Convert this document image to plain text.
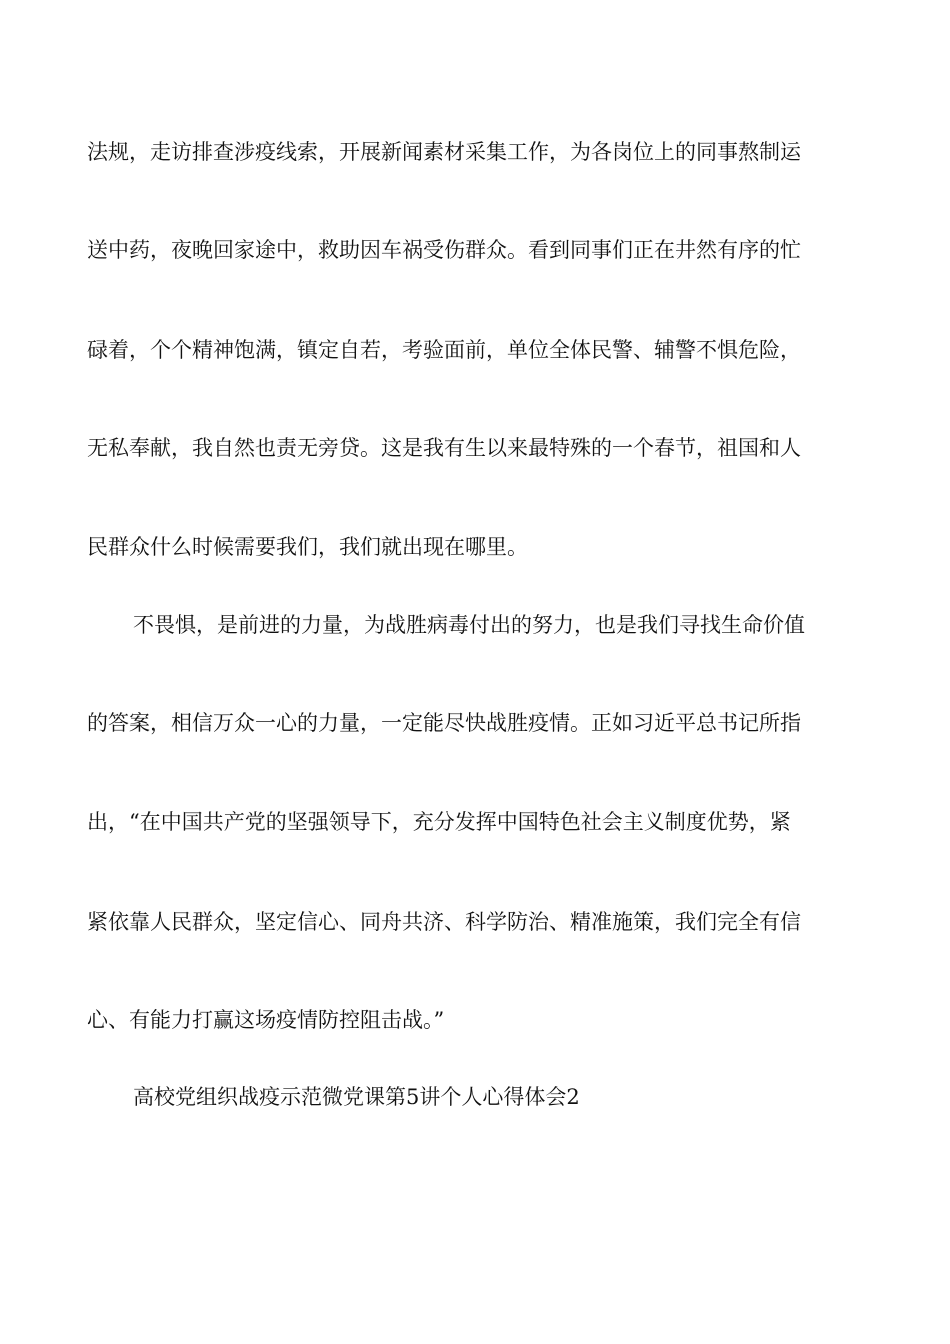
法规，走访排查涉疫线索，开展新闻素材采集工作，为各岗位上的同事熬制运
送中药，夜晚回家途中，救助因车祸受伤群众。看到同事们正在井然有序的忙
碌着，个个精神饱满，镇定自若，考验面前，单位全体民警、辅警不惧危险，
无私奉献，我自然也责无旁贷。这是我有生以来最特殊的一个春节，祖国和人
民群众什么时候需要我们，我们就出现在哪里。
不畏惧，是前进的力量，为战胜病毒付出的努力，也是我们寻找生命价值
的答案，相信万众一心的力量，一定能尽快战胜疫情。正如习近平总书记所指
出，“在中国共产党的坚强领导下，充分发挥中国特色社会主义制度优势，紧
紧依靠人民群众，坚定信心、同舟共济、科学防治、精准施策，我们完全有信
心、有能力打赢这场疫情防控阻击战。”
高校党组织战疫示范微党课第5讲个人心得体会2
